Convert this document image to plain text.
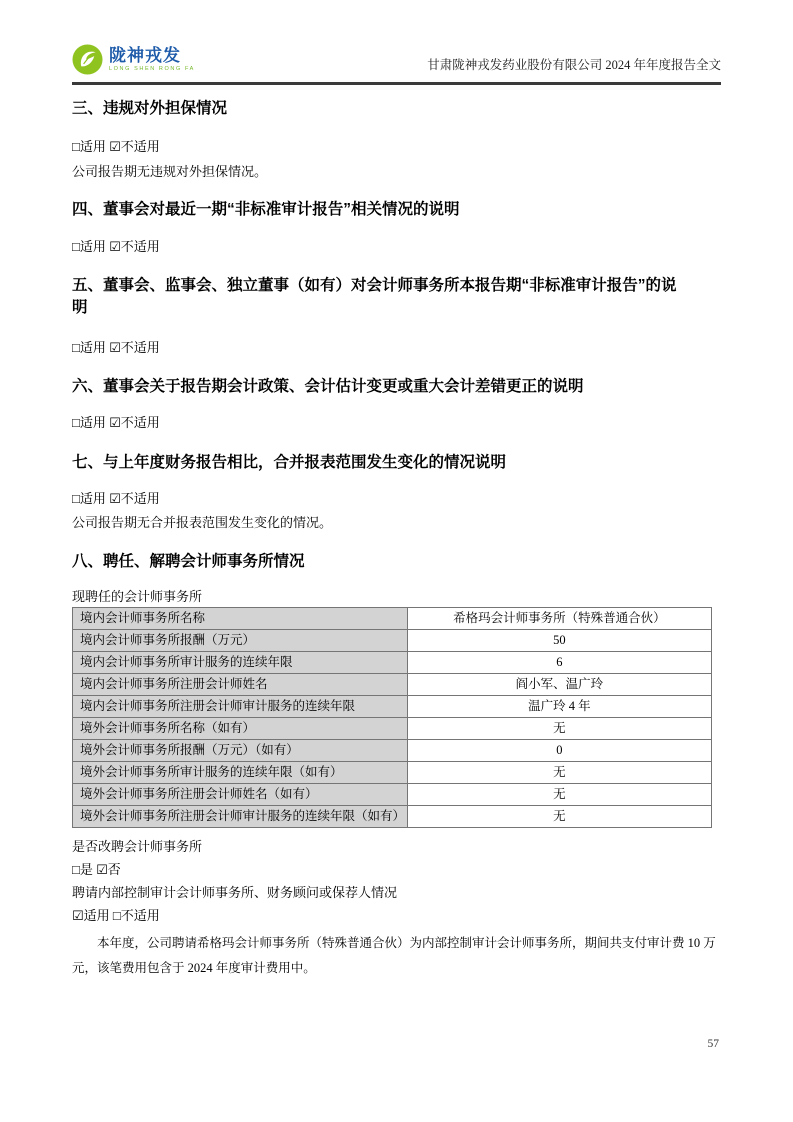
陇神戎发
LONG SHEN RONG FA	甘肃陇神戎发药业股份有限公司 2024 年年度报告全文
三、违规对外担保情况
□适用 ☑不适用
公司报告期无违规对外担保情况。
四、董事会对最近一期“非标准审计报告”相关情况的说明
□适用 ☑不适用
五、董事会、监事会、独立董事（如有）对会计师事务所本报告期“非标准审计报告”的说明
□适用 ☑不适用
六、董事会关于报告期会计政策、会计估计变更或重大会计差错更正的说明
□适用 ☑不适用
七、与上年度财务报告相比，合并报表范围发生变化的情况说明
□适用 ☑不适用
公司报告期无合并报表范围发生变化的情况。
八、聘任、解聘会计师事务所情况
现聘任的会计师事务所
境内会计师事务所名称	希格玛会计师事务所（特殊普通合伙）
境内会计师事务所报酬（万元）	50
境内会计师事务所审计服务的连续年限	6
境内会计师事务所注册会计师姓名	阎小军、温广玲
境内会计师事务所注册会计师审计服务的连续年限	温广玲 4 年
境外会计师事务所名称（如有）	无
境外会计师事务所报酬（万元）（如有）	0
境外会计师事务所审计服务的连续年限（如有）	无
境外会计师事务所注册会计师姓名（如有）	无
境外会计师事务所注册会计师审计服务的连续年限（如有）	无
是否改聘会计师事务所
□是 ☑否
聘请内部控制审计会计师事务所、财务顾问或保荐人情况
☑适用 □不适用
本年度，公司聘请希格玛会计师事务所（特殊普通合伙）为内部控制审计会计师事务所，期间共支付审计费 10 万元，该笔费用包含于 2024 年度审计费用中。
57
